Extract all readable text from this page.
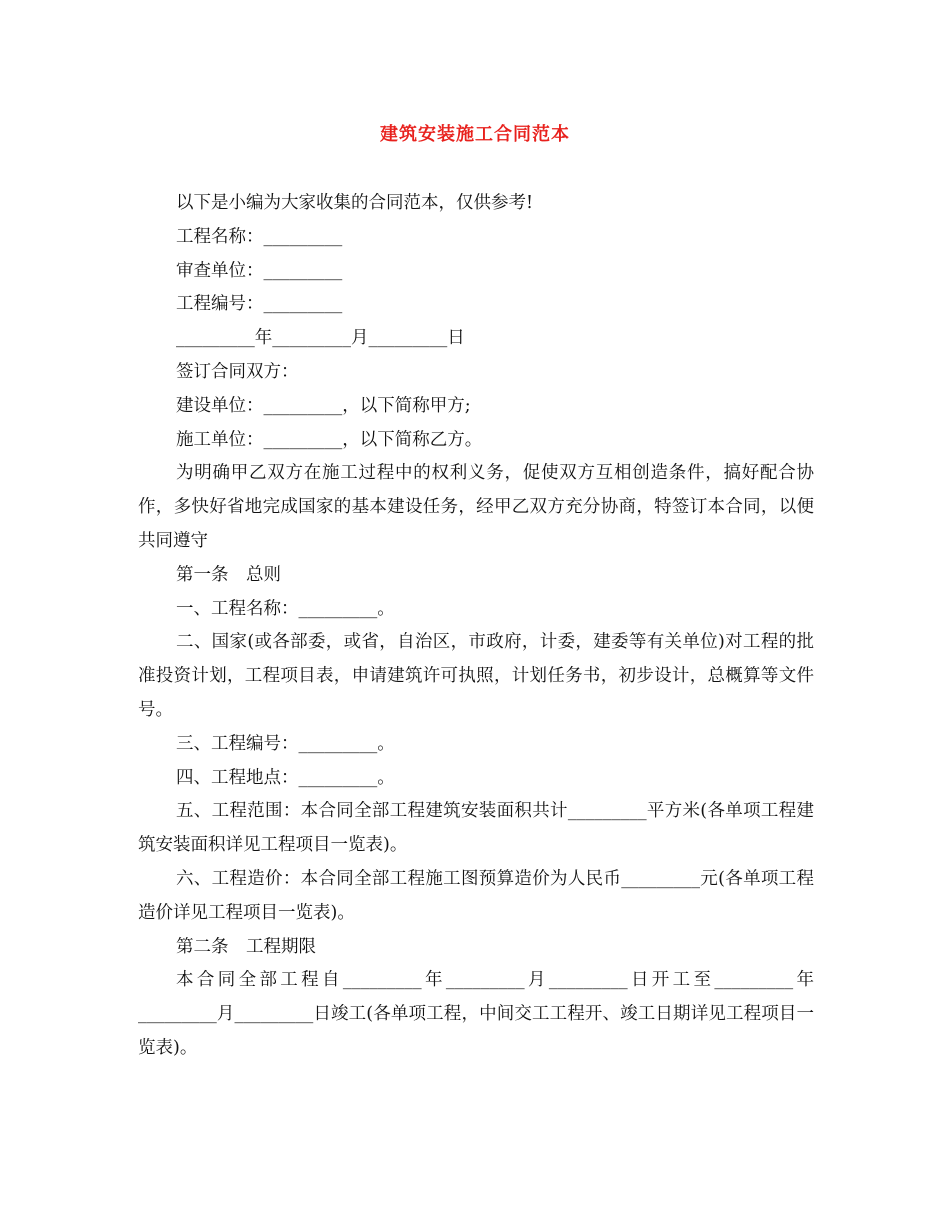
建筑安装施工合同范本

以下是小编为大家收集的合同范本，仅供参考!

工程名称：_________

审查单位：_________

工程编号：_________

_________年_________月_________日

签订合同双方：

建设单位：_________，以下简称甲方;

施工单位：_________，以下简称乙方。

为明确甲乙双方在施工过程中的权利义务，促使双方互相创造条件，搞好配合协作，多快好省地完成国家的基本建设任务，经甲乙双方充分协商，特签订本合同，以便共同遵守

第一条　总则

一、工程名称：_________。

二、国家(或各部委，或省，自治区，市政府，计委，建委等有关单位)对工程的批准投资计划，工程项目表，申请建筑许可执照，计划任务书，初步设计，总概算等文件号。

三、工程编号：_________。

四、工程地点：_________。

五、工程范围：本合同全部工程建筑安装面积共计_________平方米(各单项工程建筑安装面积详见工程项目一览表)。

六、工程造价：本合同全部工程施工图预算造价为人民币_________元(各单项工程造价详见工程项目一览表)。

第二条　工程期限

本合同全部工程自_________年_________月_________日开工至_________年_________月_________日竣工(各单项工程，中间交工工程开、竣工日期详见工程项目一览表)。
